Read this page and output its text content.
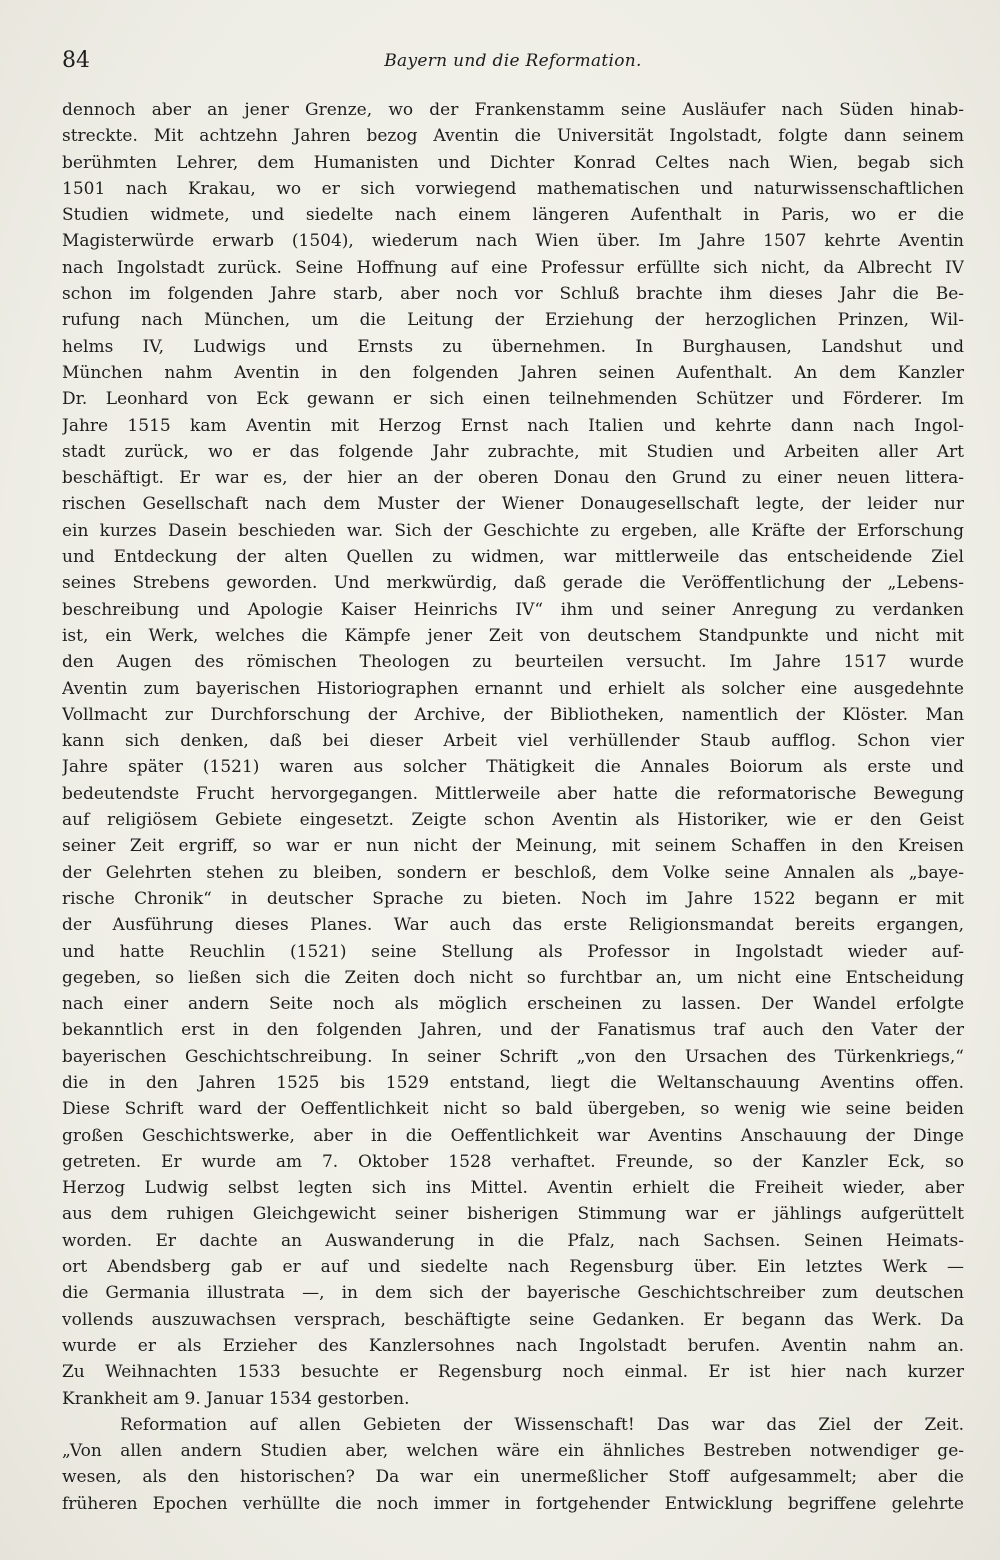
84	Bayern und die Reformation.
dennoch aber an jener Grenze, wo der Frankenstamm seine Ausläufer nach Süden hinab-
streckte. Mit achtzehn Jahren bezog Aventin die Universität Ingolstadt, folgte dann seinem
berühmten Lehrer, dem Humanisten und Dichter Konrad Celtes nach Wien, begab sich
1501 nach Krakau, wo er sich vorwiegend mathematischen und naturwissenschaftlichen
Studien widmete, und siedelte nach einem längeren Aufenthalt in Paris, wo er die
Magisterwürde erwarb (1504), wiederum nach Wien über. Im Jahre 1507 kehrte Aventin
nach Ingolstadt zurück. Seine Hoffnung auf eine Professur erfüllte sich nicht, da Albrecht IV
schon im folgenden Jahre starb, aber noch vor Schluß brachte ihm dieses Jahr die Be-
rufung nach München, um die Leitung der Erziehung der herzoglichen Prinzen, Wil-
helms IV, Ludwigs und Ernsts zu übernehmen. In Burghausen, Landshut und
München nahm Aventin in den folgenden Jahren seinen Aufenthalt. An dem Kanzler
Dr. Leonhard von Eck gewann er sich einen teilnehmenden Schützer und Förderer. Im
Jahre 1515 kam Aventin mit Herzog Ernst nach Italien und kehrte dann nach Ingol-
stadt zurück, wo er das folgende Jahr zubrachte, mit Studien und Arbeiten aller Art
beschäftigt. Er war es, der hier an der oberen Donau den Grund zu einer neuen littera-
rischen Gesellschaft nach dem Muster der Wiener Donaugesellschaft legte, der leider nur
ein kurzes Dasein beschieden war. Sich der Geschichte zu ergeben, alle Kräfte der Erforschung
und Entdeckung der alten Quellen zu widmen, war mittlerweile das entscheidende Ziel
seines Strebens geworden. Und merkwürdig, daß gerade die Veröffentlichung der „Lebens-
beschreibung und Apologie Kaiser Heinrichs IV“ ihm und seiner Anregung zu verdanken
ist, ein Werk, welches die Kämpfe jener Zeit von deutschem Standpunkte und nicht mit
den Augen des römischen Theologen zu beurteilen versucht. Im Jahre 1517 wurde
Aventin zum bayerischen Historiographen ernannt und erhielt als solcher eine ausgedehnte
Vollmacht zur Durchforschung der Archive, der Bibliotheken, namentlich der Klöster. Man
kann sich denken, daß bei dieser Arbeit viel verhüllender Staub aufflog. Schon vier
Jahre später (1521) waren aus solcher Thätigkeit die Annales Boiorum als erste und
bedeutendste Frucht hervorgegangen. Mittlerweile aber hatte die reformatorische Bewegung
auf religiösem Gebiete eingesetzt. Zeigte schon Aventin als Historiker, wie er den Geist
seiner Zeit ergriff, so war er nun nicht der Meinung, mit seinem Schaffen in den Kreisen
der Gelehrten stehen zu bleiben, sondern er beschloß, dem Volke seine Annalen als „baye-
rische Chronik“ in deutscher Sprache zu bieten. Noch im Jahre 1522 begann er mit
der Ausführung dieses Planes. War auch das erste Religionsmandat bereits ergangen,
und hatte Reuchlin (1521) seine Stellung als Professor in Ingolstadt wieder auf-
gegeben, so ließen sich die Zeiten doch nicht so furchtbar an, um nicht eine Entscheidung
nach einer andern Seite noch als möglich erscheinen zu lassen. Der Wandel erfolgte
bekanntlich erst in den folgenden Jahren, und der Fanatismus traf auch den Vater der
bayerischen Geschichtschreibung. In seiner Schrift „von den Ursachen des Türkenkriegs,“
die in den Jahren 1525 bis 1529 entstand, liegt die Weltanschauung Aventins offen.
Diese Schrift ward der Oeffentlichkeit nicht so bald übergeben, so wenig wie seine beiden
großen Geschichtswerke, aber in die Oeffentlichkeit war Aventins Anschauung der Dinge
getreten. Er wurde am 7. Oktober 1528 verhaftet. Freunde, so der Kanzler Eck, so
Herzog Ludwig selbst legten sich ins Mittel. Aventin erhielt die Freiheit wieder, aber
aus dem ruhigen Gleichgewicht seiner bisherigen Stimmung war er jählings aufgerüttelt
worden. Er dachte an Auswanderung in die Pfalz, nach Sachsen. Seinen Heimats-
ort Abendsberg gab er auf und siedelte nach Regensburg über. Ein letztes Werk —
die Germania illustrata —, in dem sich der bayerische Geschichtschreiber zum deutschen
vollends auszuwachsen versprach, beschäftigte seine Gedanken. Er begann das Werk. Da
wurde er als Erzieher des Kanzlersohnes nach Ingolstadt berufen. Aventin nahm an.
Zu Weihnachten 1533 besuchte er Regensburg noch einmal. Er ist hier nach kurzer
Krankheit am 9. Januar 1534 gestorben.
Reformation auf allen Gebieten der Wissenschaft! Das war das Ziel der Zeit.
„Von allen andern Studien aber, welchen wäre ein ähnliches Bestreben notwendiger ge-
wesen, als den historischen? Da war ein unermeßlicher Stoff aufgesammelt; aber die
früheren Epochen verhüllte die noch immer in fortgehender Entwicklung begriffene gelehrte
